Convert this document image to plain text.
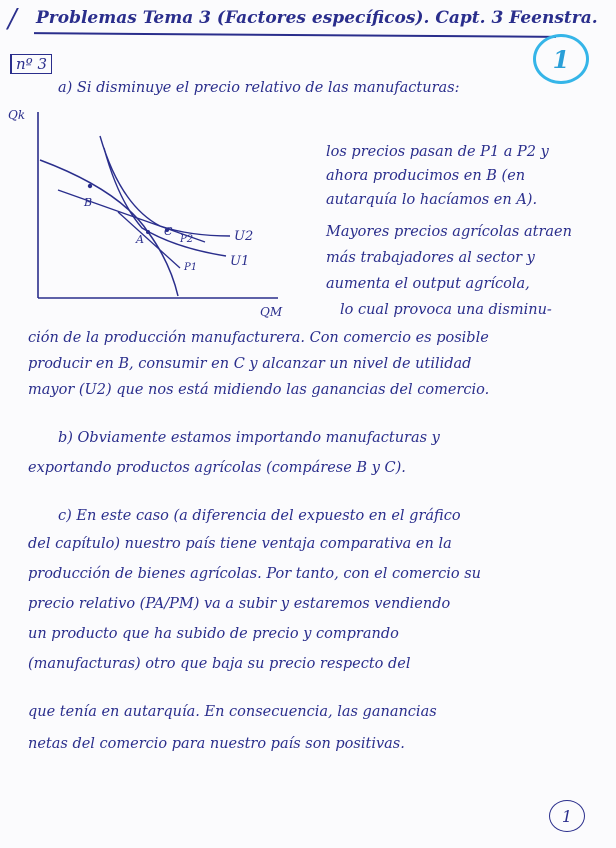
/ Problemas Tema 3 (Factores específicos). Capt. 3 Feenstra.
1
nº 3
a) Si disminuye el precio relativo de las manufacturas:
Qk
QM
B
A
C
P2
P1
U2
U1
los precios pasan de P1 a P2 y
ahora producimos en B (en
autarquía lo hacíamos en A).
Mayores precios agrícolas atraen
más trabajadores al sector y
aumenta el output agrícola,
lo cual provoca una disminu-
ción de la producción manufacturera. Con comercio es posible
producir en B, consumir en C y alcanzar un nivel de utilidad
mayor (U2) que nos está midiendo las ganancias del comercio.
b) Obviamente estamos importando manufacturas y
exportando productos agrícolas (compárese B y C).
c) En este caso (a diferencia del expuesto en el gráfico
del capítulo) nuestro país tiene ventaja comparativa en la
producción de bienes agrícolas. Por tanto, con el comercio su
precio relativo (PA/PM) va a subir y estaremos vendiendo
un producto que ha subido de precio y comprando
(manufacturas) otro que baja su precio respecto del
que tenía en autarquía. En consecuencia, las ganancias
netas del comercio para nuestro país son positivas.
1
